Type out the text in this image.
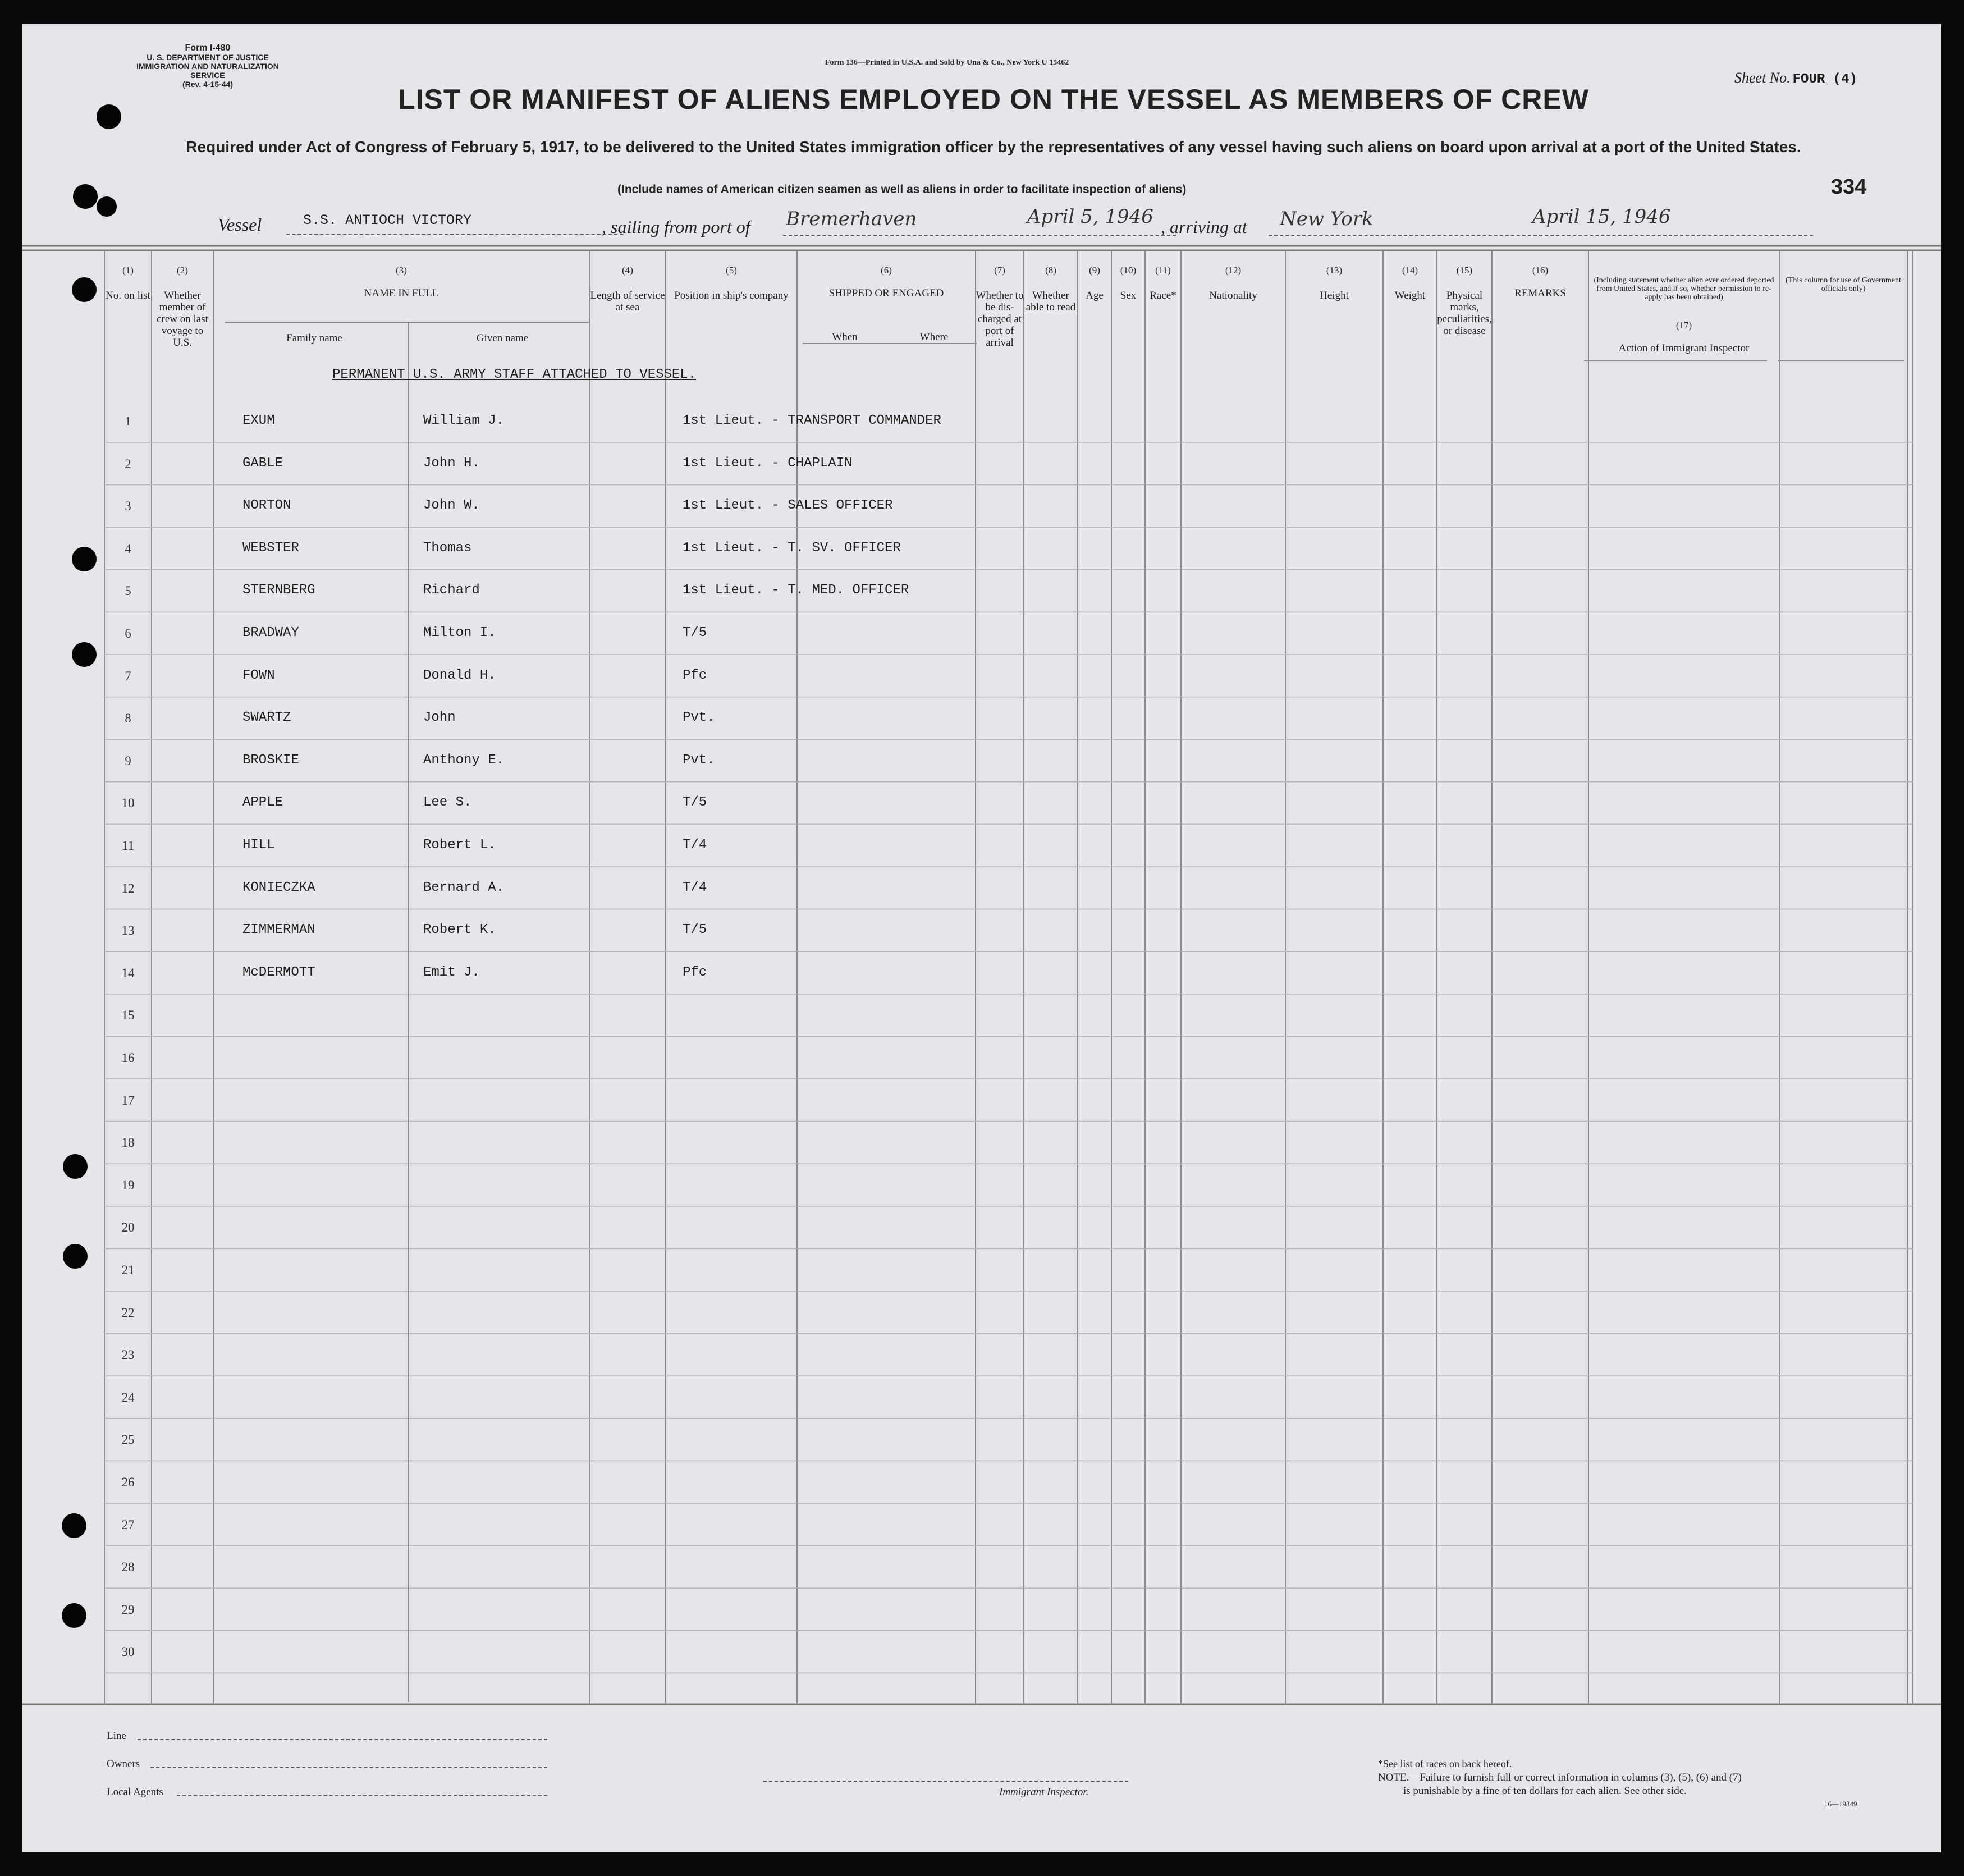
Form I-480
U. S. DEPARTMENT OF JUSTICE
IMMIGRATION AND NATURALIZATION SERVICE
(Rev. 4-15-44)
Form 136—Printed in U.S.A. and Sold by Una & Co., New York U 15462
Sheet No. FOUR (4)
LIST OR MANIFEST OF ALIENS EMPLOYED ON THE VESSEL AS MEMBERS OF CREW
Required under Act of Congress of February 5, 1917, to be delivered to the United States immigration officer by the representatives of any vessel having such aliens on board upon arrival at a port of the United States.
(Include names of American citizen seamen as well as aliens in order to facilitate inspection of aliens)	334
Vessel	S.S. ANTIOCH VICTORY	, sailing from port of Bremerhaven	April 5, 1946 , arriving at New York	April 15, 1946
(1)
No. on list
(2)
Whether member of crew on last voyage to U.S.
(3)
NAME IN FULL
Family name	Given name
(4)
Length of service at sea
(5)
Position in ship's company
(6)
SHIPPED OR ENGAGED
When	Where
(7)
Whether to be dis-charged at port of arrival
(8)
Whether able to read
(9)
Age
(10)
Sex
(11)
Race*
(12)
Nationality
(13)
Height
(14)
Weight
(15)
Physical marks, peculiarities, or disease
(16)
REMARKS
(Including statement whether alien ever ordered deported from United States, and if so, whether permission to re-apply has been obtained)
(17)
Action of Immigrant Inspector
(This column for use of Government officials only)
PERMANENT U.S. ARMY STAFF ATTACHED TO VESSEL.
1	EXUM	William J.	1st Lieut. - TRANSPORT COMMANDER
2	GABLE	John H.	1st Lieut. - CHAPLAIN
3	NORTON	John W.	1st Lieut. - SALES OFFICER
4	WEBSTER	Thomas	1st Lieut. - T. SV. OFFICER
5	STERNBERG	Richard	1st Lieut. - T. MED. OFFICER
6	BRADWAY	Milton I.	T/5
7	FOWN	Donald H.	Pfc
8	SWARTZ	John	Pvt.
9	BROSKIE	Anthony E.	Pvt.
10	APPLE	Lee S.	T/5
11	HILL	Robert L.	T/4
12	KONIECZKA	Bernard A.	T/4
13	ZIMMERMAN	Robert K.	T/5
14	McDERMOTT	Emit J.	Pfc
15
16
17
18
19
20
21
22
23
24
25
26
27
28
29
30
Line
Owners
Local Agents	Immigrant Inspector.
*See list of races on back hereof.
NOTE.—Failure to furnish full or correct information in columns (3), (5), (6) and (7)
is punishable by a fine of ten dollars for each alien. See other side.
16—19349
